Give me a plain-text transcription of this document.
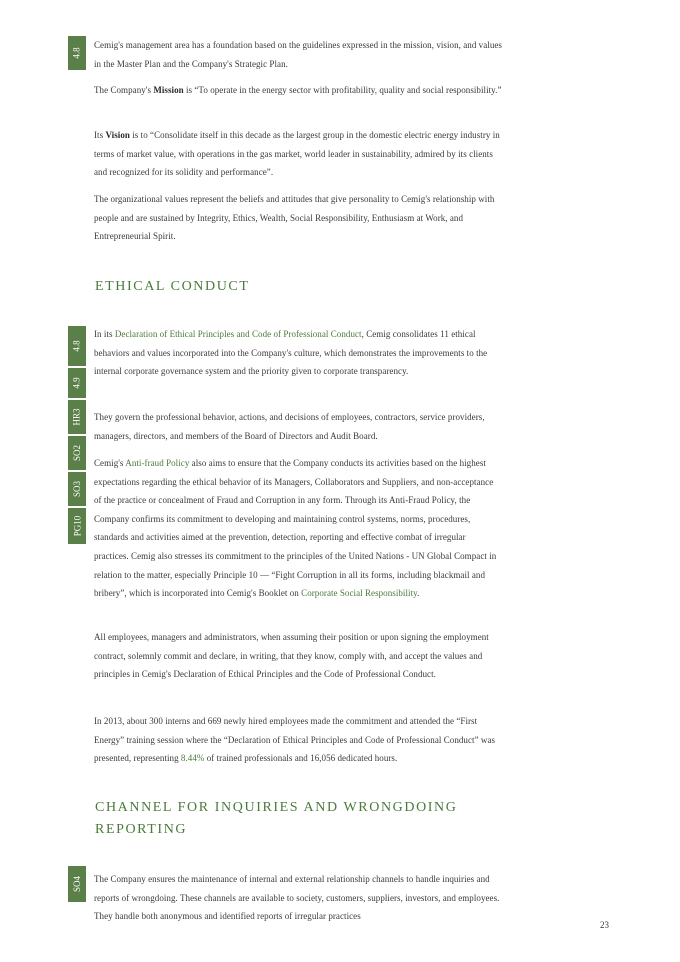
4.8
4.8
4.9
HR3
SO2
SO3
PG10
SO4

Cemig's management area has a foundation based on the guidelines expressed in the mission, vision, and values in the Master Plan and the Company's Strategic Plan.

The Company's Mission is “To operate in the energy sector with profitability, quality and social responsibility.”

Its Vision is to “Consolidate itself in this decade as the largest group in the domestic electric energy industry in terms of market value, with operations in the gas market, world leader in sustainability, admired by its clients and recognized for its solidity and performance”.

The organizational values represent the beliefs and attitudes that give personality to Cemig's relationship with people and are sustained by Integrity, Ethics, Wealth, Social Responsibility, Enthusiasm at Work, and Entrepreneurial Spirit.

ETHICAL CONDUCT

In its Declaration of Ethical Principles and Code of Professional Conduct, Cemig consolidates 11 ethical behaviors and values incorporated into the Company's culture, which demonstrates the improvements to the internal corporate governance system and the priority given to corporate transparency.

They govern the professional behavior, actions, and decisions of employees, contractors, service providers, managers, directors, and members of the Board of Directors and Audit Board.

Cemig's Anti-fraud Policy also aims to ensure that the Company conducts its activities based on the highest expectations regarding the ethical behavior of its Managers, Collaborators and Suppliers, and non-acceptance of the practice or concealment of Fraud and Corruption in any form. Through its Anti-Fraud Policy, the Company confirms its commitment to developing and maintaining control systems, norms, procedures, standards and activities aimed at the prevention, detection, reporting and effective combat of irregular practices. Cemig also stresses its commitment to the principles of the United Nations - UN Global Compact in relation to the matter, especially Principle 10 — “Fight Corruption in all its forms, including blackmail and bribery”, which is incorporated into Cemig's Booklet on Corporate Social Responsibility.

All employees, managers and administrators, when assuming their position or upon signing the employment contract, solemnly commit and declare, in writing, that they know, comply with, and accept the values and principles in Cemig's Declaration of Ethical Principles and the Code of Professional Conduct.

In 2013, about 300 interns and 669 newly hired employees made the commitment and attended the “First Energy” training session where the “Declaration of Ethical Principles and Code of Professional Conduct” was presented, representing 8.44% of trained professionals and 16,056 dedicated hours.

CHANNEL FOR INQUIRIES AND WRONGDOING REPORTING

The Company ensures the maintenance of internal and external relationship channels to handle inquiries and reports of wrongdoing. These channels are available to society, customers, suppliers, investors, and employees. They handle both anonymous and identified reports of irregular practices

23
